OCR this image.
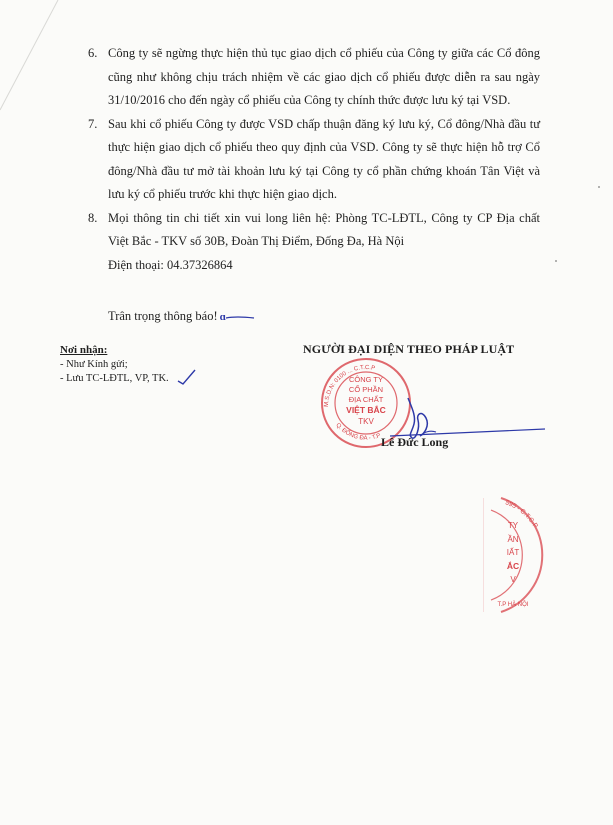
6. Công ty sẽ ngừng thực hiện thủ tục giao dịch cổ phiếu của Công ty giữa các Cổ đông cũng như không chịu trách nhiệm về các giao dịch cổ phiếu được diễn ra sau ngày 31/10/2016 cho đến ngày cổ phiếu của Công ty chính thức được lưu ký tại VSD.
7. Sau khi cổ phiếu Công ty được VSD chấp thuận đăng ký lưu ký, Cổ đông/Nhà đầu tư thực hiện giao dịch cổ phiếu theo quy định của VSD. Công ty sẽ thực hiện hỗ trợ Cổ đông/Nhà đầu tư mở tài khoản lưu ký tại Công ty cổ phần chứng khoán Tân Việt và lưu ký cổ phiếu trước khi thực hiện giao dịch.
8. Mọi thông tin chi tiết xin vui long liên hệ: Phòng TC-LĐTL, Công ty CP Địa chất Việt Bắc - TKV số 30B, Đoàn Thị Điểm, Đống Đa, Hà Nội
Điện thoại: 04.37326864
Trân trọng thông báo! ɑ
Nơi nhận:
- Như Kính gửi;
- Lưu TC-LĐTL, VP, TK.
NGƯỜI ĐẠI DIỆN THEO PHÁP LUẬT
CÔNG TY
CỔ PHẦN
ĐỊA CHẤT
VIỆT BẮC
TKV
M.S.D.N: 0100 ... C.T.C.P
Q. ĐỐNG ĐA - T.P Lê Đức Long
TY
ẦN
IẤT
ẮC
V
595 - C.T.C.P
T.P HÀ NỘI
